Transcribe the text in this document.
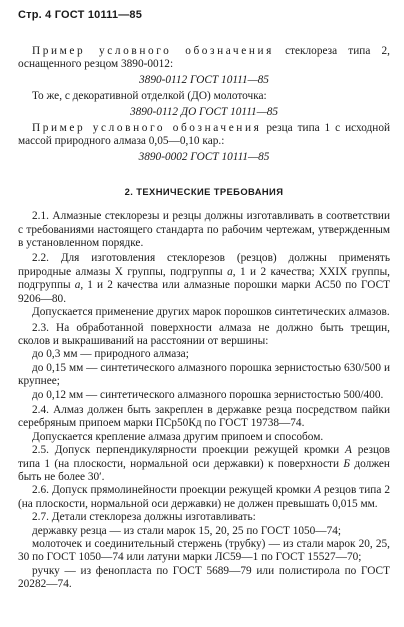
Стр. 4 ГОСТ 10111—85

Пример условного обозначения стеклореза типа 2, оснащенного резцом 3890-0012:

3890-0112 ГОСТ 10111—85

То же, с декоративной отделкой (ДО) молоточка:

3890-0112 ДО ГОСТ 10111—85

Пример условного обозначения резца типа 1 с исходной массой природного алмаза 0,05—0,10 кар.:

3890-0002 ГОСТ 10111—85
2. ТЕХНИЧЕСКИЕ ТРЕБОВАНИЯ

2.1. Алмазные стеклорезы и резцы должны изготавливать в соответствии с требованиями настоящего стандарта по рабочим чертежам, утвержденным в установленном порядке.

2.2. Для изготовления стеклорезов (резцов) должны применять природные алмазы X группы, подгруппы а, 1 и 2 качества; XXIX группы, подгруппы а, 1 и 2 качества или алмазные порошки марки АС50 по ГОСТ 9206—80.

Допускается применение других марок порошков синтетических алмазов.

2.3. На обработанной поверхности алмаза не должно быть трещин, сколов и выкрашиваний на расстоянии от вершины:

до 0,3 мм — природного алмаза;

до 0,15 мм — синтетического алмазного порошка зернистостью 630/500 и крупнее;

до 0,12 мм — синтетического алмазного порошка зернистостью 500/400.

2.4. Алмаз должен быть закреплен в державке резца посредством пайки серебряным припоем марки ПСр50Кд по ГОСТ 19738—74.

Допускается крепление алмаза другим припоем и способом.

2.5. Допуск перпендикулярности проекции режущей кромки А резцов типа 1 (на плоскости, нормальной оси державки) к поверхности Б должен быть не более 30′.

2.6. Допуск прямолинейности проекции режущей кромки А резцов типа 2 (на плоскости, нормальной оси державки) не должен превышать 0,015 мм.

2.7. Детали стеклореза должны изготавливать:

державку резца — из стали марок 15, 20, 25 по ГОСТ 1050—74;

молоточек и соединительный стержень (трубку) — из стали марок 20, 25, 30 по ГОСТ 1050—74 или латуни марки ЛС59—1 по ГОСТ 15527—70;

ручку — из фенопласта по ГОСТ 5689—79 или полистирола по ГОСТ 20282—74.
